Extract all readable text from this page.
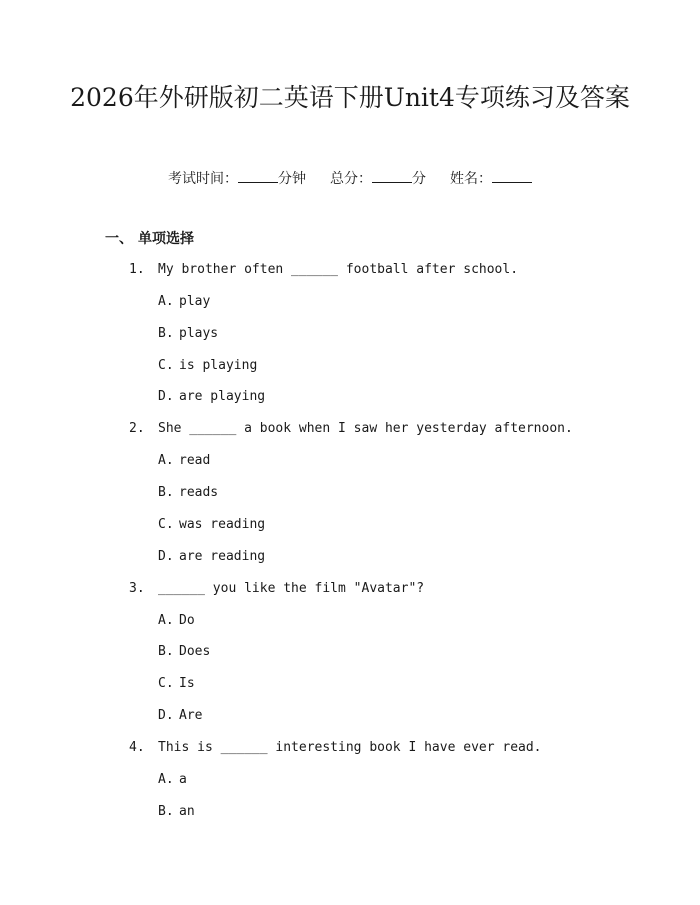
2026年外研版初二英语下册Unit4专项练习及答案
考试时间：	分钟 总分：	分 姓名：
一、 单项选择
1. My brother often ______ football after school.
A. play
B. plays
C. is playing
D. are playing
2. She ______ a book when I saw her yesterday afternoon.
A. read
B. reads
C. was reading
D. are reading
3. ______ you like the film "Avatar"?
A. Do
B. Does
C. Is
D. Are
4. This is ______ interesting book I have ever read.
A. a
B. an
